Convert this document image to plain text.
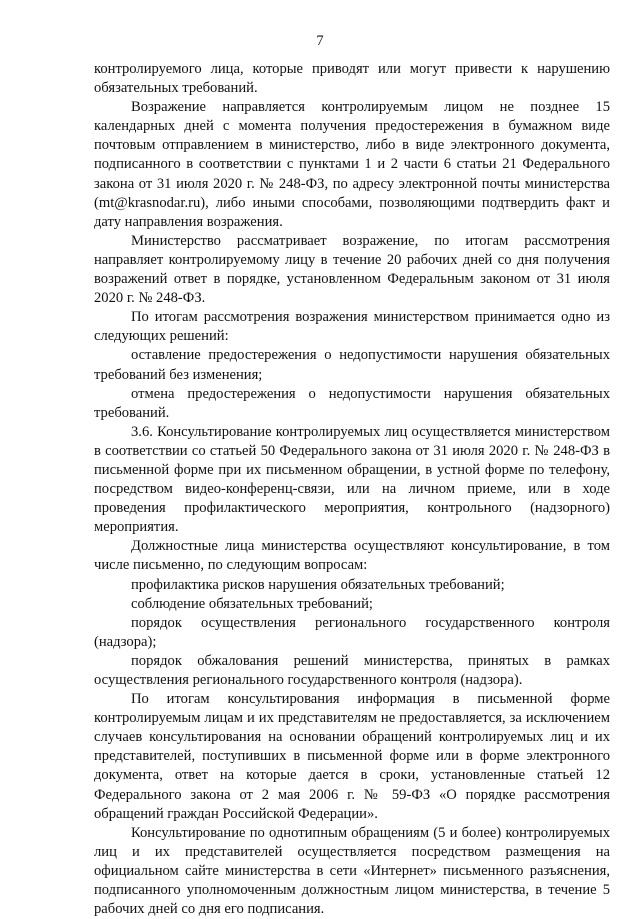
7

контролируемого лица, которые приводят или могут привести к нарушению обязательных требований.

Возражение направляется контролируемым лицом не позднее 15 календарных дней с момента получения предостережения в бумажном виде почтовым отправлением в министерство, либо в виде электронного документа, подписанного в соответствии с пунктами 1 и 2 части 6 статьи 21 Федерального закона от 31 июля 2020 г. № 248-ФЗ, по адресу электронной почты министерства (mt@krasnodar.ru), либо иными способами, позволяющими подтвердить факт и дату направления возражения.

Министерство рассматривает возражение, по итогам рассмотрения направляет контролируемому лицу в течение 20 рабочих дней со дня получения возражений ответ в порядке, установленном Федеральным законом от 31 июля 2020 г. № 248-ФЗ.

По итогам рассмотрения возражения министерством принимается одно из следующих решений:

оставление предостережения о недопустимости нарушения обязательных требований без изменения;

отмена предостережения о недопустимости нарушения обязательных требований.

3.6. Консультирование контролируемых лиц осуществляется министерством в соответствии со статьей 50 Федерального закона от 31 июля 2020 г. № 248-ФЗ в письменной форме при их письменном обращении, в устной форме по телефону, посредством видео-конференц-связи, или на личном приеме, или в ходе проведения профилактического мероприятия, контрольного (надзорного) мероприятия.

Должностные лица министерства осуществляют консультирование, в том числе письменно, по следующим вопросам:

профилактика рисков нарушения обязательных требований;

соблюдение обязательных требований;

порядок осуществления регионального государственного контроля (надзора);

порядок обжалования решений министерства, принятых в рамках осуществления регионального государственного контроля (надзора).

По итогам консультирования информация в письменной форме контролируемым лицам и их представителям не предоставляется, за исключением случаев консультирования на основании обращений контролируемых лиц и их представителей, поступивших в письменной форме или в форме электронного документа, ответ на которые дается в сроки, установленные статьей 12 Федерального закона от 2 мая 2006 г. № 59-ФЗ «О порядке рассмотрения обращений граждан Российской Федерации».

Консультирование по однотипным обращениям (5 и более) контролируемых лиц и их представителей осуществляется посредством размещения на официальном сайте министерства в сети «Интернет» письменного разъяснения, подписанного уполномоченным должностным лицом министерства, в течение 5 рабочих дней со дня его подписания.
